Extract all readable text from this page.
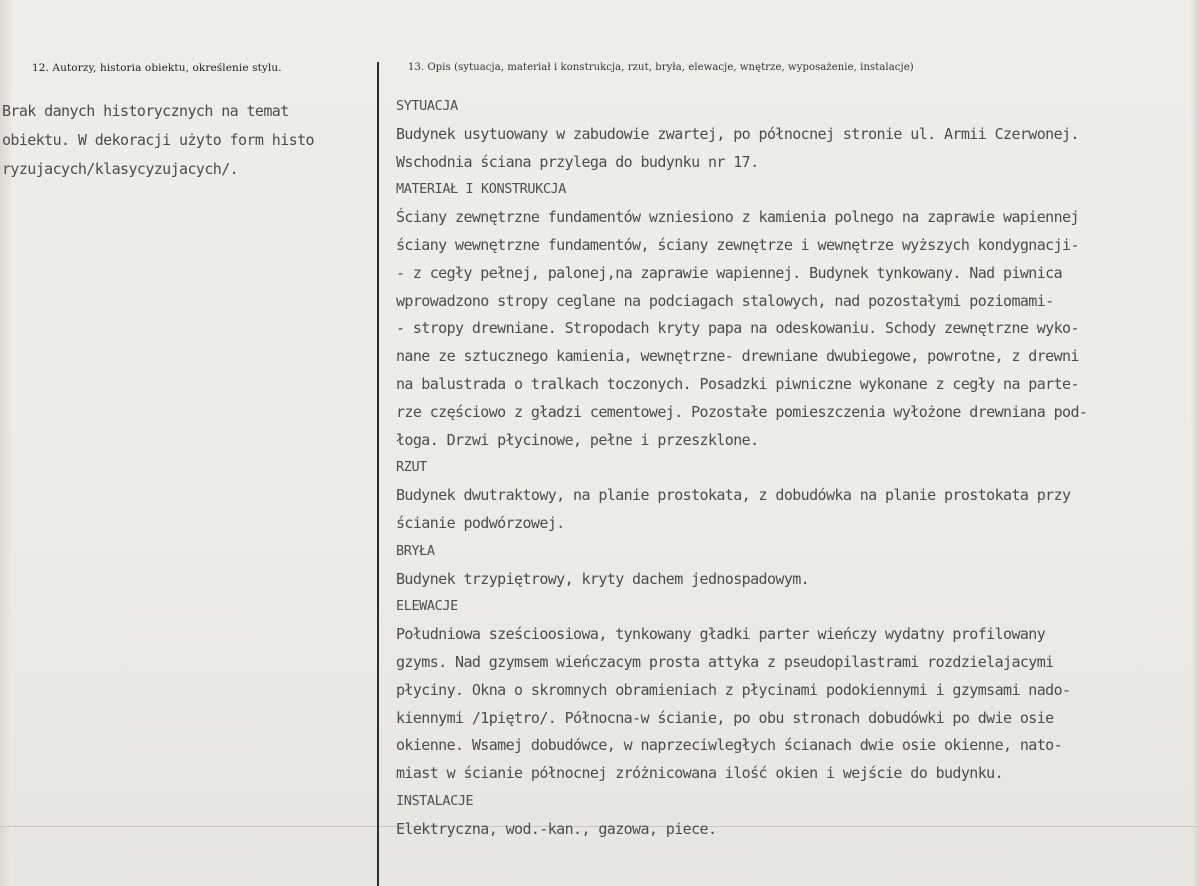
12. Autorzy, historia obiektu, określenie stylu.	13. Opis (sytuacja, materiał i konstrukcja, rzut, bryła, elewacje, wnętrze, wyposażenie, instalacje)
Brak danych historycznych na temat
obiektu. W dekoracji użyto form histo
ryzujacych/klasycyzujacych/.
SYTUACJA
Budynek usytuowany w zabudowie zwartej, po północnej stronie ul. Armii Czerwonej.
Wschodnia ściana przylega do budynku nr 17.
MATERIAŁ I KONSTRUKCJA
Ściany zewnętrzne fundamentów wzniesiono z kamienia polnego na zaprawie wapiennej
ściany wewnętrzne fundamentów, ściany zewnętrze i wewnętrze wyższych kondygnacji-
- z cegły pełnej, palonej,na zaprawie wapiennej. Budynek tynkowany. Nad piwnica
wprowadzono stropy ceglane na podciagach stalowych, nad pozostałymi poziomami-
- stropy drewniane. Stropodach kryty papa na odeskowaniu. Schody zewnętrzne wyko-
nane ze sztucznego kamienia, wewnętrzne- drewniane dwubiegowe, powrotne, z drewni
na balustrada o tralkach toczonych. Posadzki piwniczne wykonane z cegły na parte-
rze częściowo z gładzi cementowej. Pozostałe pomieszczenia wyłożone drewniana pod-
łoga. Drzwi płycinowe, pełne i przeszklone.
RZUT
Budynek dwutraktowy, na planie prostokata, z dobudówka na planie prostokata przy
ścianie podwórzowej.
BRYŁA
Budynek trzypiętrowy, kryty dachem jednospadowym.
ELEWACJE
Południowa sześcioosiowa, tynkowany gładki parter wieńczy wydatny profilowany
gzyms. Nad gzymsem wieńczacym prosta attyka z pseudopilastrami rozdzielajacymi
płyciny. Okna o skromnych obramieniach z płycinami podokiennymi i gzymsami nado-
kiennymi /1piętro/. Północna-w ścianie, po obu stronach dobudówki po dwie osie
okienne. Wsamej dobudówce, w naprzeciwległych ścianach dwie osie okienne, nato-
miast w ścianie północnej zróżnicowana ilość okien i wejście do budynku.
INSTALACJE
Elektryczna, wod.-kan., gazowa, piece.
